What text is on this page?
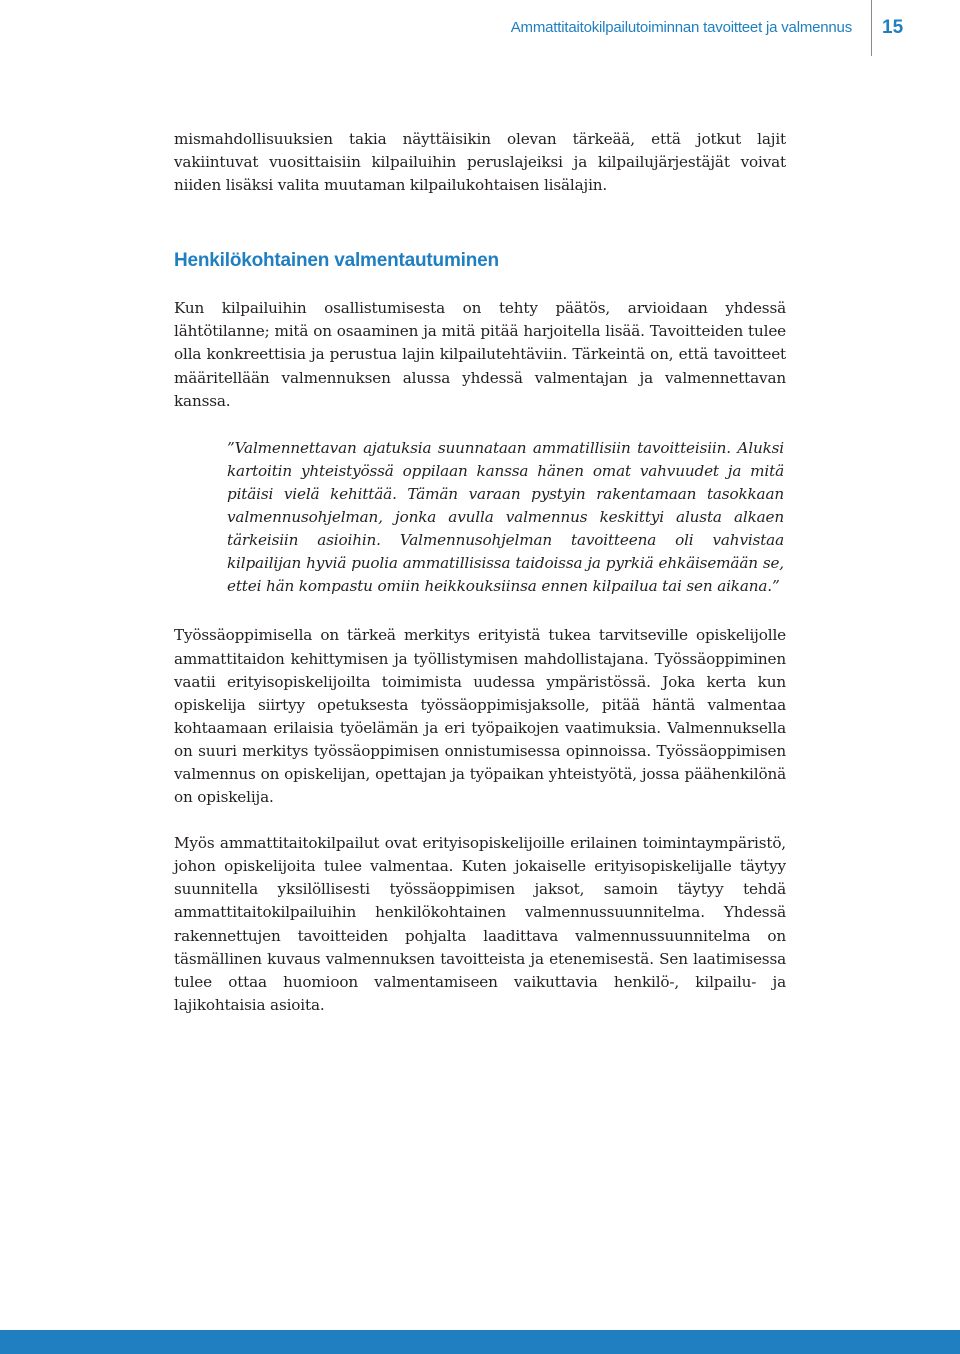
Ammattitaitokilpailutoiminnan tavoitteet ja valmennus 15

mismahdollisuuksien takia näyttäisikin olevan tärkeää, että jotkut lajit vakiintuvat vuosittaisiin kilpailuihin peruslajeiksi ja kilpailujärjestäjät voivat niiden lisäksi valita muutaman kilpailukohtaisen lisälajin.

Henkilökohtainen valmentautuminen

Kun kilpailuihin osallistumisesta on tehty päätös, arvioidaan yhdessä lähtötilanne; mitä on osaaminen ja mitä pitää harjoitella lisää. Tavoitteiden tulee olla konkreettisia ja perustua lajin kilpailutehtäviin. Tärkeintä on, että tavoitteet määritellään valmennuksen alussa yhdessä valmentajan ja valmennettavan kanssa.

”Valmennettavan ajatuksia suunnataan ammatillisiin tavoitteisiin. Aluksi kartoitin yhteistyössä oppilaan kanssa hänen omat vahvuudet ja mitä pitäisi vielä kehittää. Tämän varaan pystyin rakentamaan tasokkaan valmennusohjelman, jonka avulla valmennus keskittyi alusta alkaen tärkeisiin asioihin. Valmennusohjelman tavoitteena oli vahvistaa kilpailijan hyviä puolia ammatillisissa taidoissa ja pyrkiä ehkäisemään se, ettei hän kompastu omiin heikkouksiinsa ennen kilpailua tai sen aikana.”

Työssäoppimisella on tärkeä merkitys erityistä tukea tarvitseville opiskelijolle ammattitaidon kehittymisen ja työllistymisen mahdollistajana. Työssäoppiminen vaatii erityisopiskelijoilta toimimista uudessa ympäristössä. Joka kerta kun opiskelija siirtyy opetuksesta työssäoppimisjaksolle, pitää häntä valmentaa kohtaamaan erilaisia työelämän ja eri työpaikojen vaatimuksia. Valmennuksella on suuri merkitys työssäoppimisen onnistumisessa opinnoissa. Työssäoppimisen valmennus on opiskelijan, opettajan ja työpaikan yhteistyötä, jossa päähenkilönä on opiskelija.

Myös ammattitaitokilpailut ovat erityisopiskelijoille erilainen toimintaympäristö, johon opiskelijoita tulee valmentaa. Kuten jokaiselle erityisopiskelijalle täytyy suunnitella yksilöllisesti työssäoppimisen jaksot, samoin täytyy tehdä ammattitaitokilpailuihin henkilökohtainen valmennussuunnitelma. Yhdessä rakennettujen tavoitteiden pohjalta laadittava valmennussuunnitelma on täsmällinen kuvaus valmennuksen tavoitteista ja etenemisestä. Sen laatimisessa tulee ottaa huomioon valmentamiseen vaikuttavia henkilö-, kilpailu- ja lajikohtaisia asioita.
